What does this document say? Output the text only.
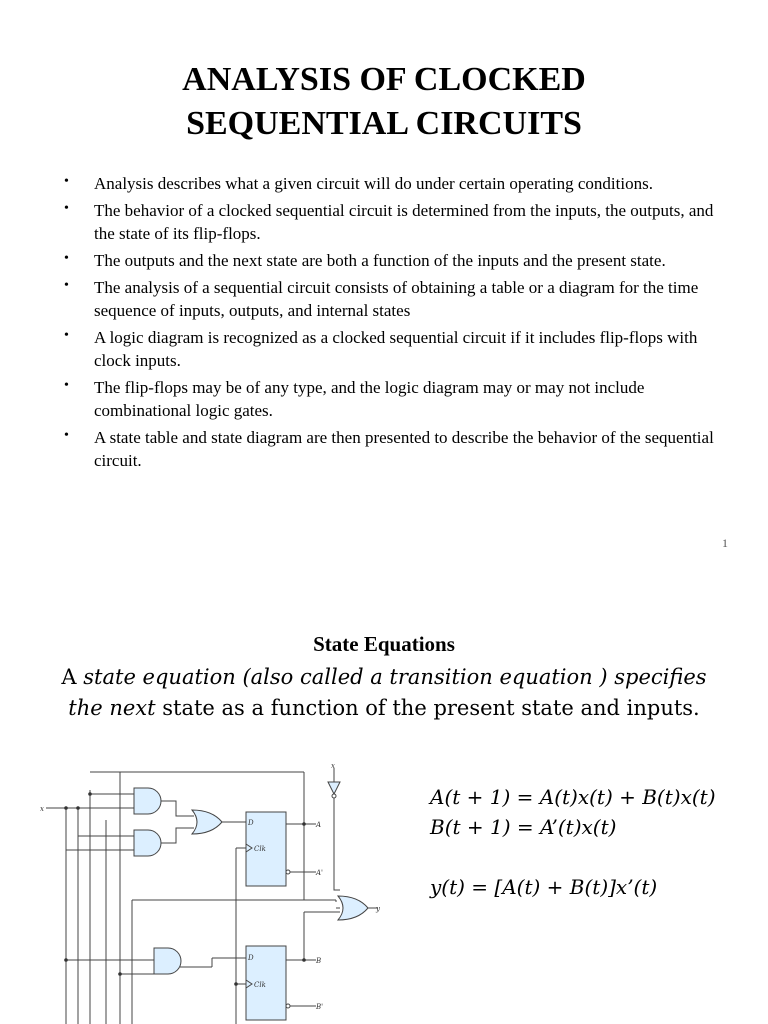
ANALYSIS OF CLOCKED
SEQUENTIAL CIRCUITS
• Analysis describes what a given circuit will do under certain operating conditions.
• The behavior of a clocked sequential circuit is determined from the inputs, the outputs, and the state of its flip-flops.
• The outputs and the next state are both a function of the inputs and the present state.
• The analysis of a sequential circuit consists of obtaining a table or a diagram for the time sequence of inputs, outputs, and internal states
• A logic diagram is recognized as a clocked sequential circuit if it includes flip-flops with clock inputs.
• The flip-flops may be of any type, and the logic diagram may or may not include combinational logic gates.
• A state table and state diagram are then presented to describe the behavior of the sequential circuit.
1
State Equations

A state equation (also called a transition equation ) specifies the next state as a function of the present state and inputs.

x
x
D
Clk
A
A'
D
Clk
B
B'
y
A(t + 1) = A(t)x(t) + B(t)x(t)
B(t + 1) = A’(t)x(t)
y(t) = [A(t) + B(t)]x’(t)
